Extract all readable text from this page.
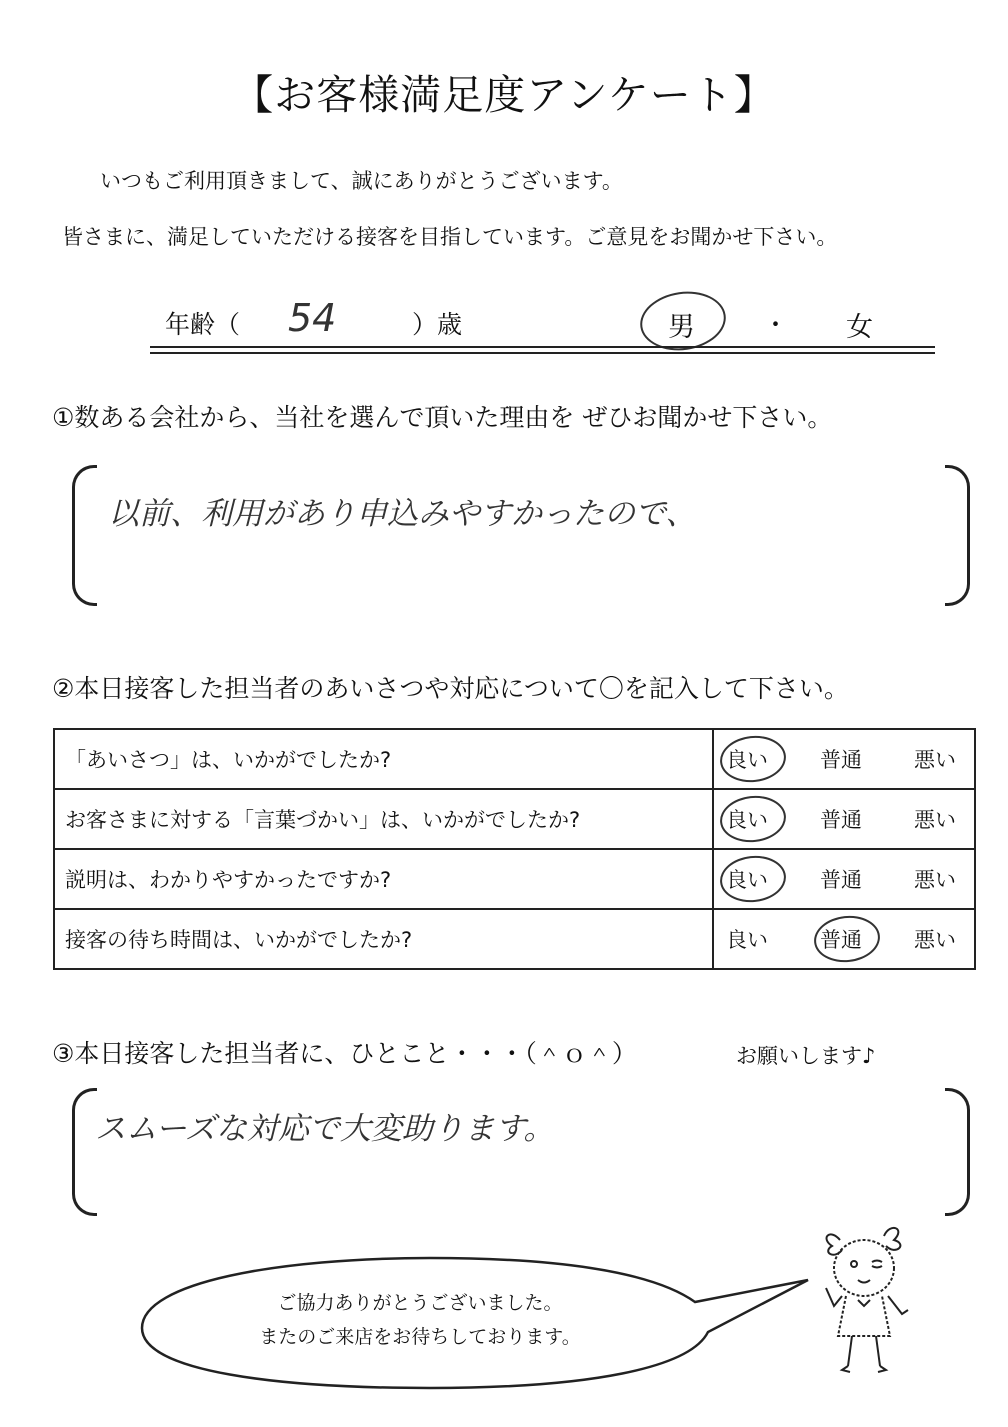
【お客様満足度アンケート】
いつもご利用頂きまして、誠にありがとうございます。
皆さまに、満足していただける接客を目指しています。ご意見をお聞かせ下さい。
年齢（ 54	）歳	男	・ 女
①数ある会社から、当社を選んで頂いた理由を ぜひお聞かせ下さい。
以前、利用があり申込みやすかったので、
②本日接客した担当者のあいさつや対応について〇を記入して下さい。
「あいさつ」は、いかがでしたか?	良い 普通 悪い

お客さまに対する「言葉づかい」は、いかがでしたか?	良い 普通 悪い

説明は、わかりやすかったですか?	良い 普通 悪い

接客の待ち時間は、いかがでしたか?	良い 普通 悪い
③本日接客した担当者に、ひとこと・・・（＾ｏ＾）	お願いします♪
スムーズな対応で大変助ります。
ご協力ありがとうございました。
またのご来店をお待ちしております。
